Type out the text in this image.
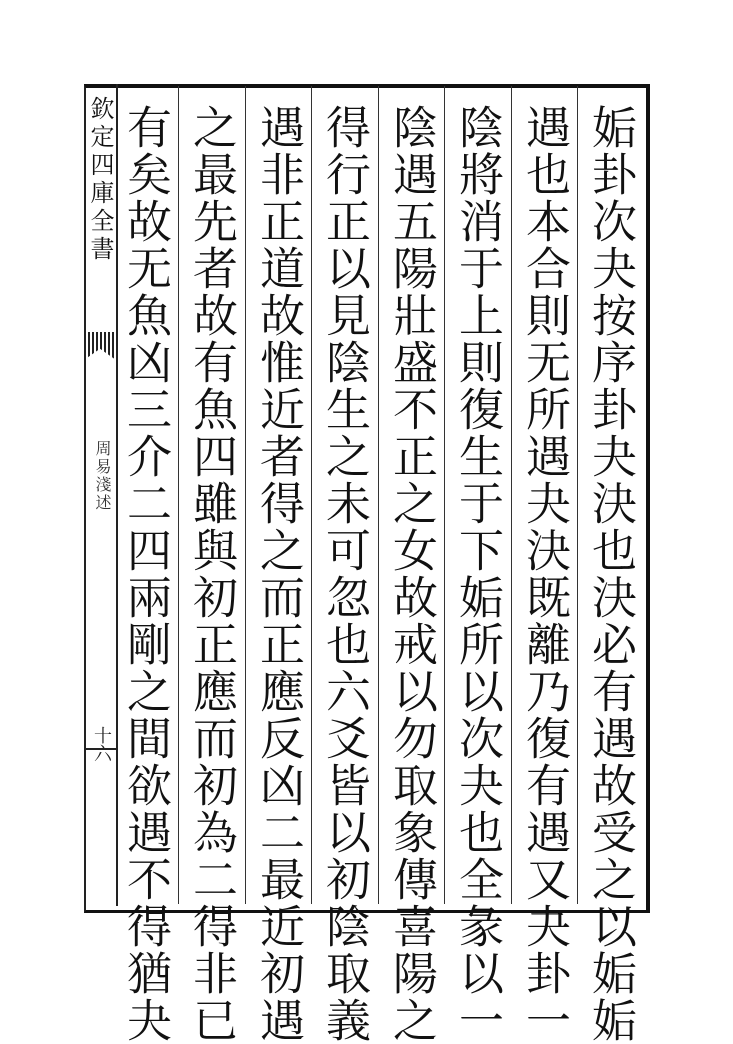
欽定四庫全書
周易淺述
十六	姤卦次夬按序卦夬決也決必有遇故受之以姤姤
遇也本合則无所遇夬決既離乃復有遇又夬卦一
陰將消于上則復生于下姤所以次夬也全彖以一
陰遇五陽壯盛不正之女故戒以勿取象傳喜陽之
得行正以見陰生之未可忽也六爻皆以初陰取義
遇非正道故惟近者得之而正應反凶二最近初遇
之最先者故有魚四雖與初正應而初為二得非已
有矣故无魚凶三介二四兩剛之間欲遇不得猶夬
